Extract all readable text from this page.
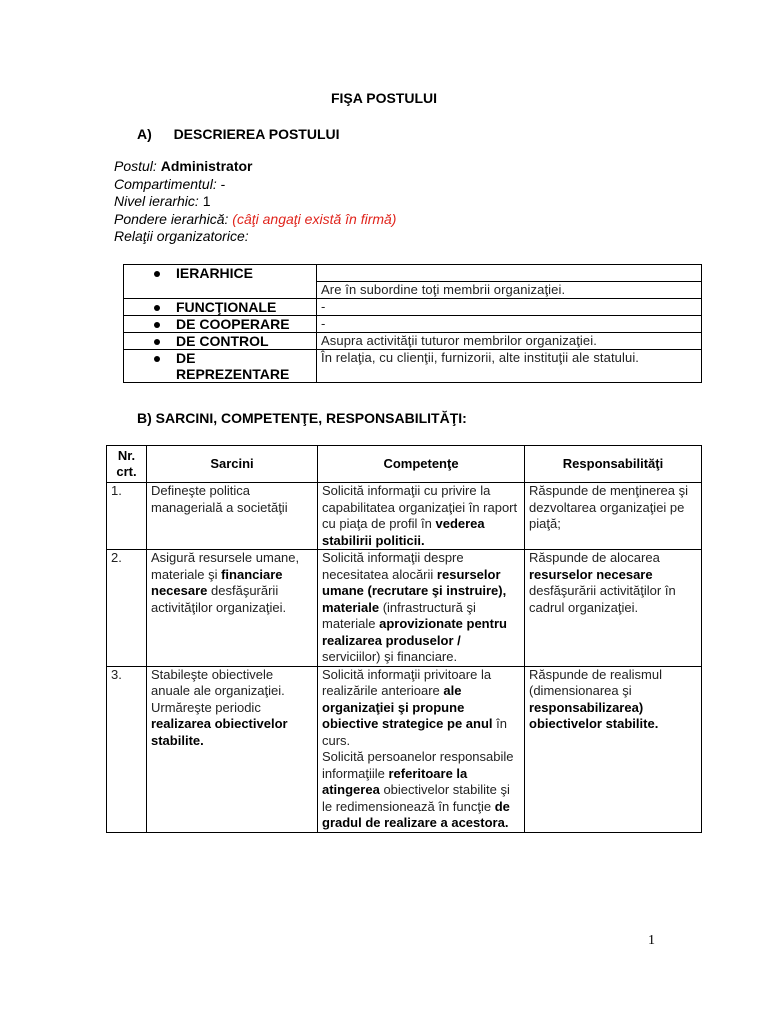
FIŞA POSTULUI
A) DESCRIEREA POSTULUI
Postul: Administrator
Compartimentul: -
Nivel ierarhic: 1
Pondere ierarhică: (câţi angaţi există în firmă)
Relaţii organizatorice:
IERARHICE	
	Are în subordine toţi membrii organizaţiei.

FUNCŢIONALE	-

DE COOPERARE	-

DE CONTROL	Asupra activităţii tuturor membrilor organizaţiei.

DE REPREZENTARE	În relaţia, cu clienţii, furnizorii, alte instituţii ale statului.
B) SARCINI, COMPETENŢE, RESPONSABILITĂŢI:
Nr. crt.	Sarcini	Competenţe	Responsabilităţi
1.	Defineşte politica managerială a societăţii	Solicită informaţii cu privire la capabilitatea organizaţiei în raport cu piaţa de profil în vederea stabilirii politicii.	Răspunde de menţinerea şi dezvoltarea organizaţiei pe piaţă;
2.	Asigură resursele umane, materiale şi financiare necesare desfăşurării activităţilor organizaţiei.	Solicită informaţii despre necesitatea alocării resurselor umane (recrutare şi instruire), materiale (infrastructură şi materiale aprovizionate pentru realizarea produselor / serviciilor) şi financiare.	Răspunde de alocarea resurselor necesare desfăşurării activităţilor în cadrul organizaţiei.
3.	Stabileşte obiectivele anuale ale organizaţiei. Urmăreşte periodic realizarea obiectivelor stabilite.	Solicită informaţii privitoare la realizările anterioare ale organizaţiei şi propune obiective strategice pe anul în curs.
Solicită persoanelor responsabile informaţiile referitoare la atingerea obiectivelor stabilite şi le redimensionează în funcţie de gradul de realizare a acestora.	Răspunde de realismul (dimensionarea şi responsabilizarea) obiectivelor stabilite.
1
